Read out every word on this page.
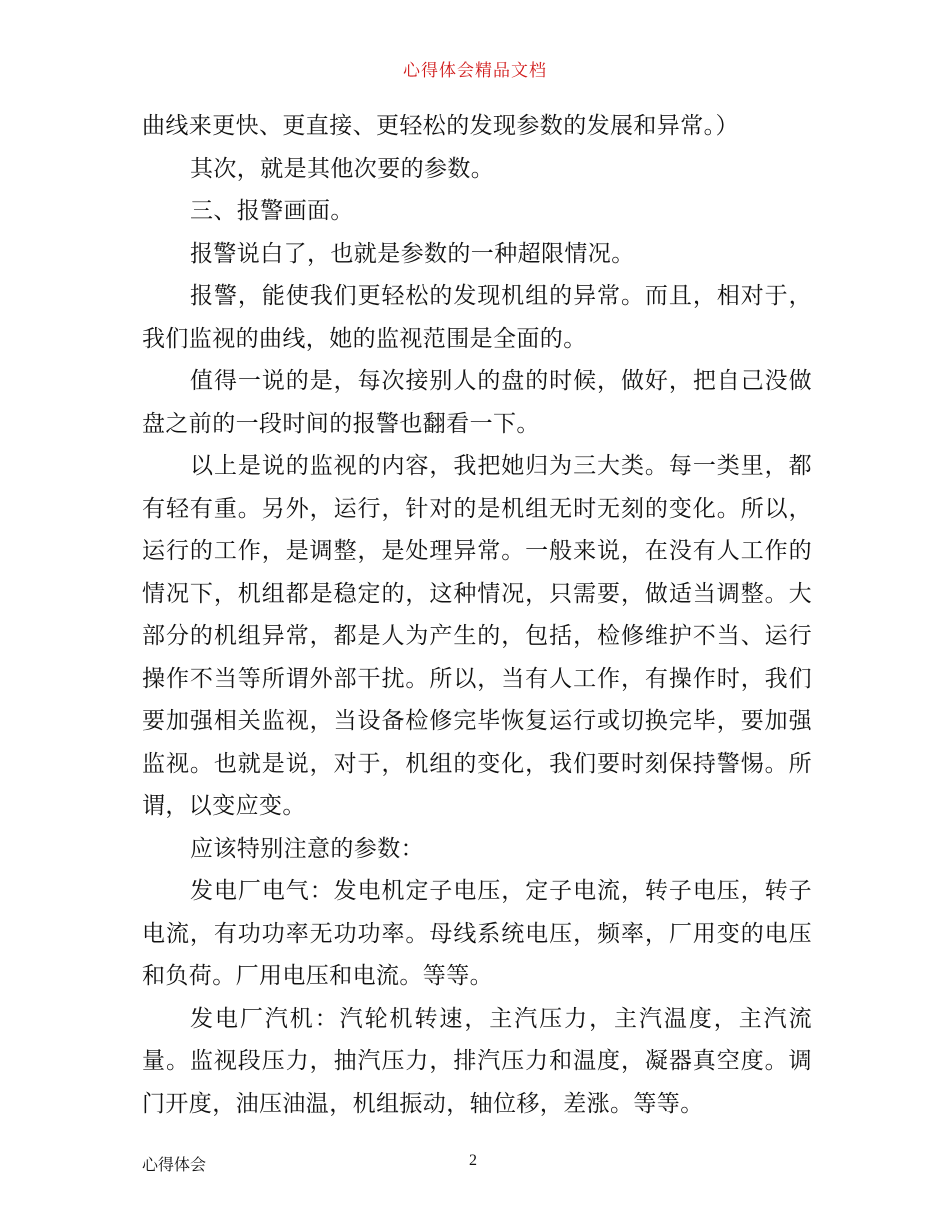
心得体会精品文档

曲线来更快、更直接、更轻松的发现参数的发展和异常。）

其次，就是其他次要的参数。

三、报警画面。

报警说白了，也就是参数的一种超限情况。

报警，能使我们更轻松的发现机组的异常。而且，相对于，我们监视的曲线，她的监视范围是全面的。

值得一说的是，每次接别人的盘的时候，做好，把自己没做盘之前的一段时间的报警也翻看一下。

以上是说的监视的内容，我把她归为三大类。每一类里，都有轻有重。另外，运行，针对的是机组无时无刻的变化。所以，运行的工作，是调整，是处理异常。一般来说，在没有人工作的情况下，机组都是稳定的，这种情况，只需要，做适当调整。大部分的机组异常，都是人为产生的，包括，检修维护不当、运行操作不当等所谓外部干扰。所以，当有人工作，有操作时，我们要加强相关监视，当设备检修完毕恢复运行或切换完毕，要加强监视。也就是说，对于，机组的变化，我们要时刻保持警惕。所谓，以变应变。

应该特别注意的参数：

发电厂电气：发电机定子电压，定子电流，转子电压，转子电流，有功功率无功功率。母线系统电压，频率，厂用变的电压和负荷。厂用电压和电流。等等。

发电厂汽机：汽轮机转速，主汽压力，主汽温度，主汽流量。监视段压力，抽汽压力，排汽压力和温度，凝器真空度。调门开度，油压油温，机组振动，轴位移，差涨。等等。

心得体会	2
